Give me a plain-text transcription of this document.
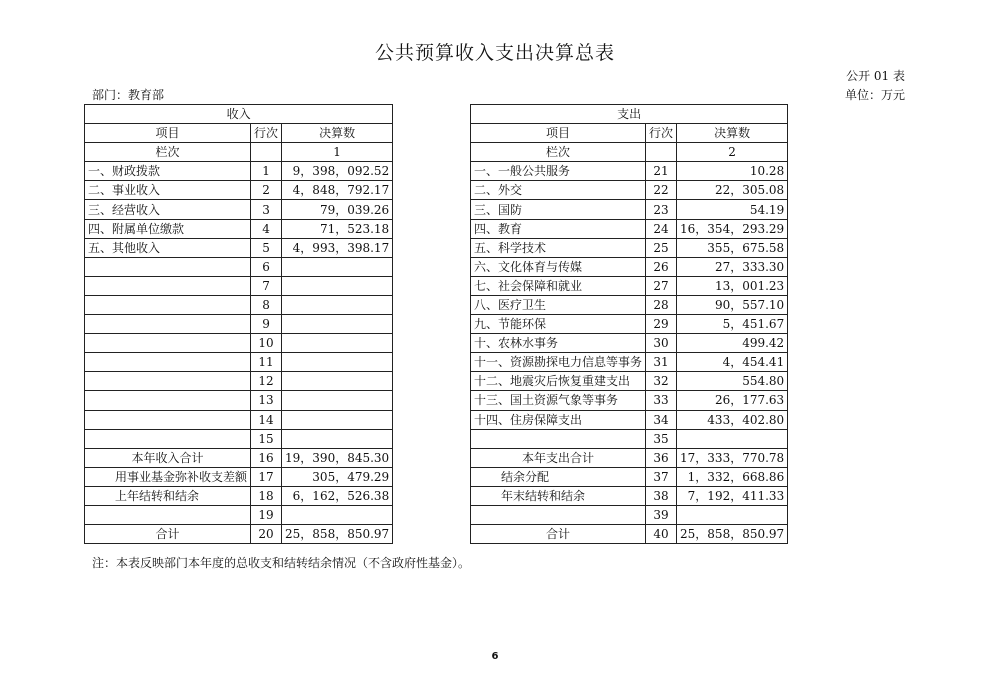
公共预算收入支出决算总表
公开 01 表
部门：教育部	单位：万元
收入		
项目	行次	决算数
栏次		1
一、财政拨款	1	9，398，092.52
二、事业收入	2	4，848，792.17
三、经营收入	3	79，039.26
四、附属单位缴款	4	71，523.18
五、其他收入	5	4，993，398.17
	6	
	7	
	8	
	9	
	10	
	11	
	12	
	13	
	14	
	15	
本年收入合计	16	19，390，845.30
用事业基金弥补收支差额	17	305，479.29
上年结转和结余	18	6，162，526.38
	19	
合计	20	25，858，850.97
支出		
项目	行次	决算数
栏次		2
一、一般公共服务	21	10.28
二、外交	22	22，305.08
三、国防	23	54.19
四、教育	24	16，354，293.29
五、科学技术	25	355，675.58
六、文化体育与传媒	26	27，333.30
七、社会保障和就业	27	13，001.23
八、医疗卫生	28	90，557.10
九、节能环保	29	5，451.67
十、农林水事务	30	499.42
十一、资源勘探电力信息等事务	31	4，454.41
十二、地震灾后恢复重建支出	32	554.80
十三、国土资源气象等事务	33	26，177.63
十四、住房保障支出	34	433，402.80
	35	
本年支出合计	36	17，333，770.78
结余分配	37	1，332，668.86
年末结转和结余	38	7，192，411.33
	39	
合计	40	25，858，850.97
注：本表反映部门本年度的总收支和结转结余情况（不含政府性基金）。
6
